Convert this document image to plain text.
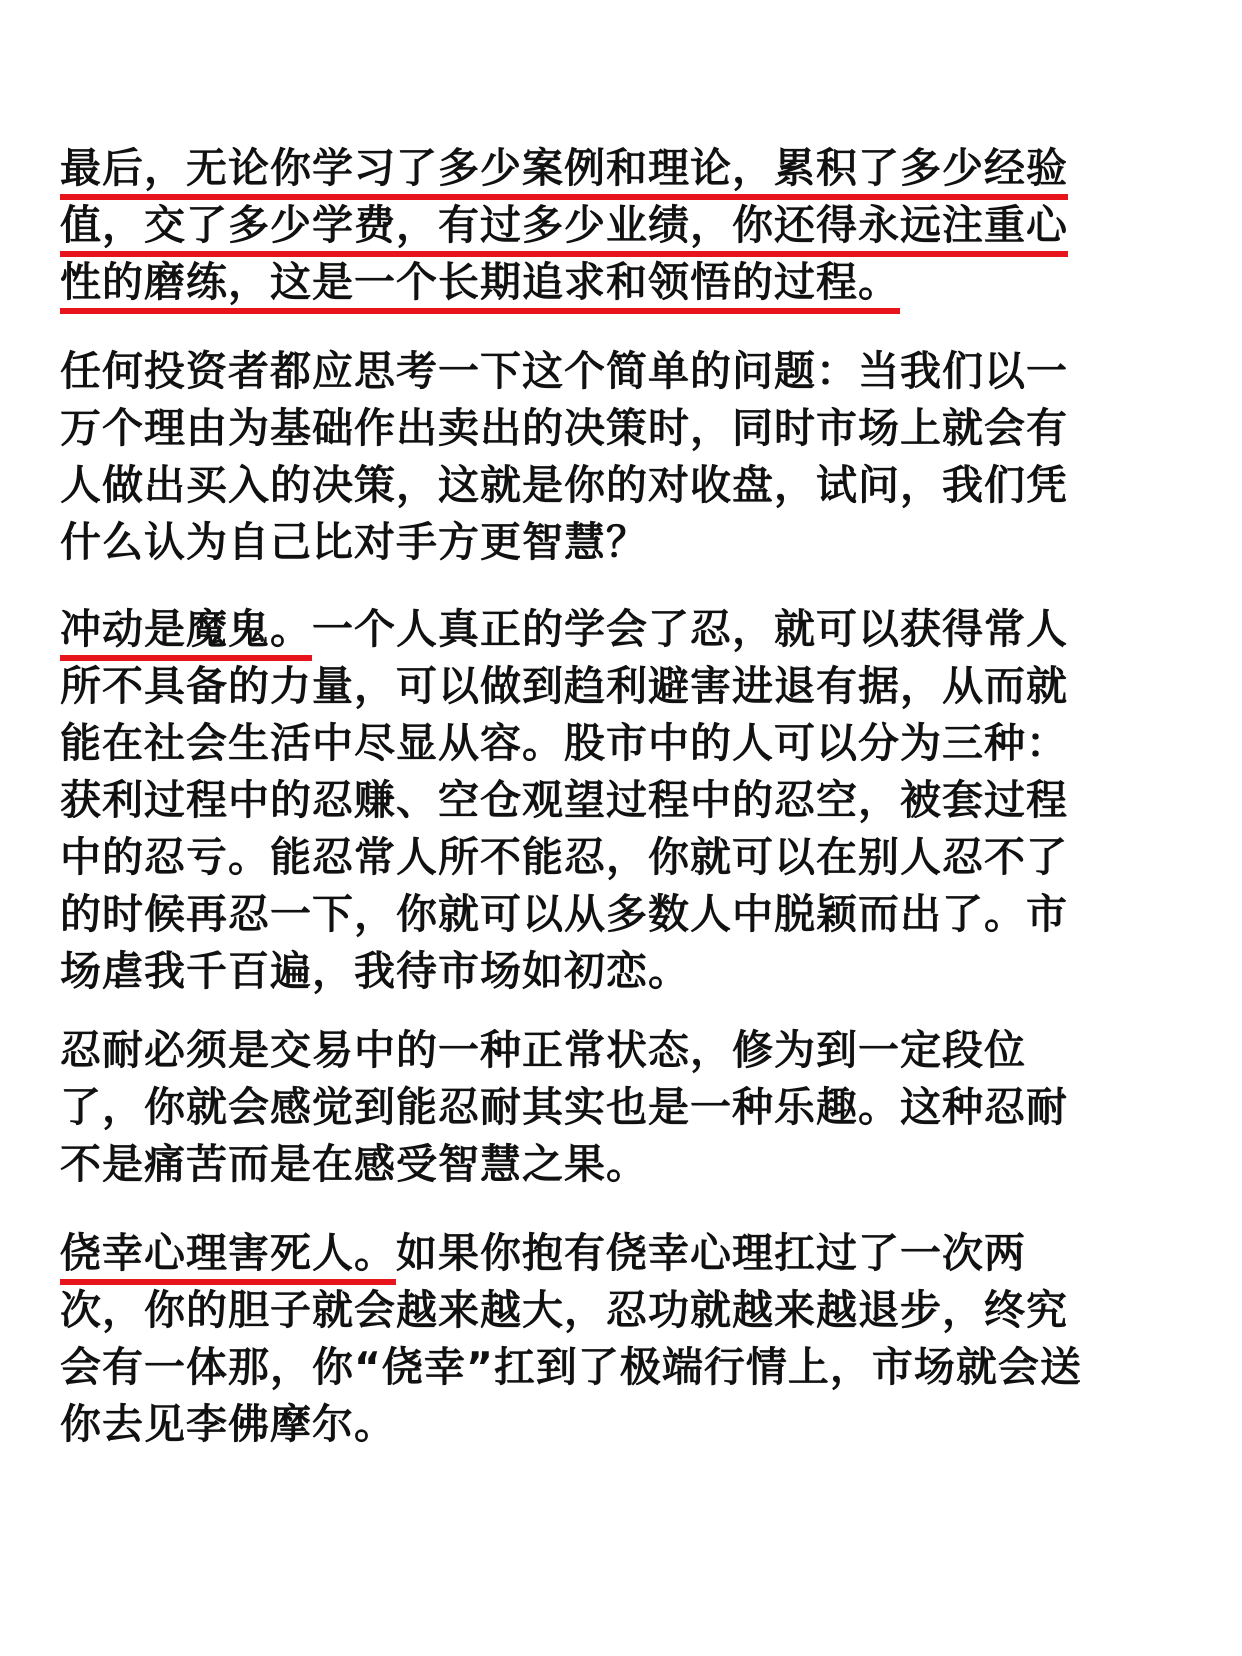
最后，无论你学习了多少案例和理论，累积了多少经验
值，交了多少学费，有过多少业绩，你还得永远注重心
性的磨练，这是一个长期追求和领悟的过程。
任何投资者都应思考一下这个简单的问题：当我们以一
万个理由为基础作出卖出的决策时，同时市场上就会有
人做出买入的决策，这就是你的对收盘，试问，我们凭
什么认为自己比对手方更智慧？
冲动是魔鬼。一个人真正的学会了忍，就可以获得常人
所不具备的力量，可以做到趋利避害进退有据，从而就
能在社会生活中尽显从容。股市中的人可以分为三种：
获利过程中的忍赚、空仓观望过程中的忍空，被套过程
中的忍亏。能忍常人所不能忍，你就可以在别人忍不了
的时候再忍一下，你就可以从多数人中脱颖而出了。市
场虐我千百遍，我待市场如初恋。
忍耐必须是交易中的一种正常状态，修为到一定段位
了，你就会感觉到能忍耐其实也是一种乐趣。这种忍耐
不是痛苦而是在感受智慧之果。
侥幸心理害死人。如果你抱有侥幸心理扛过了一次两
次，你的胆子就会越来越大，忍功就越来越退步，终究
会有一体那，你“侥幸”扛到了极端行情上，市场就会送
你去见李佛摩尔。
